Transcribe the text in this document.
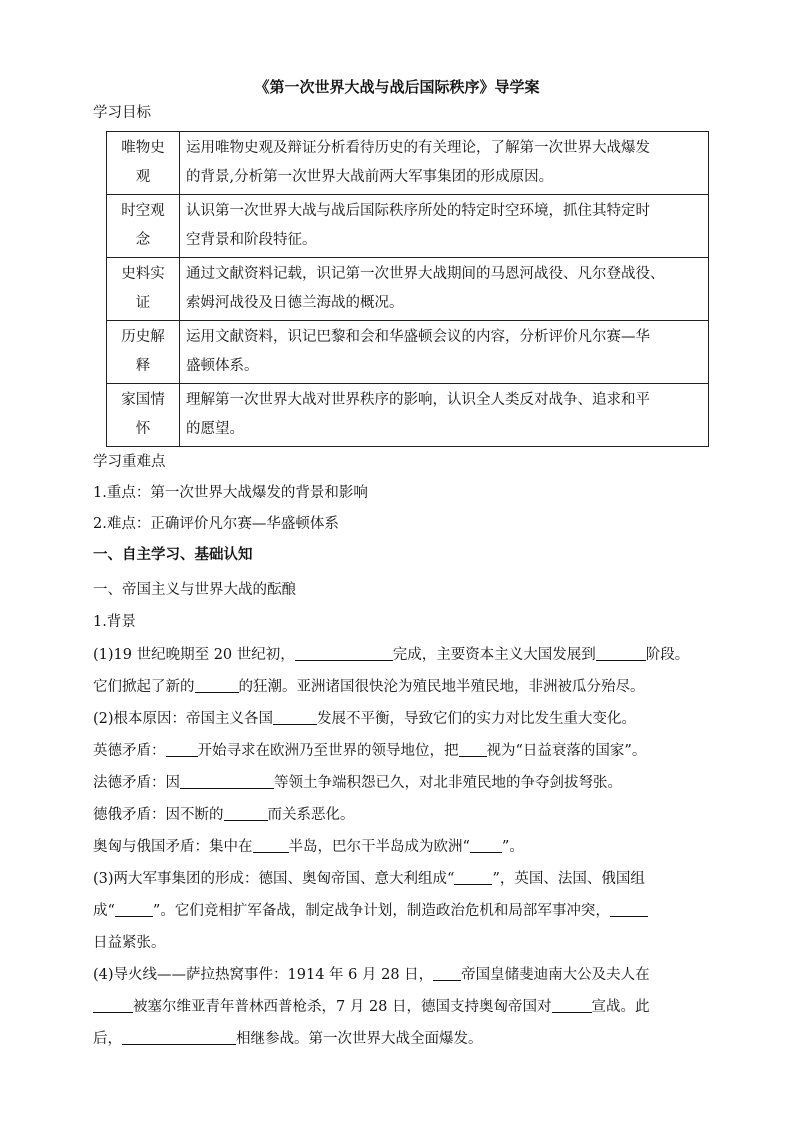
《第一次世界大战与战后国际秩序》导学案
学习目标
唯物史
观	运用唯物史观及辩证分析看待历史的有关理论，了解第一次世界大战爆发
的背景,分析第一次世界大战前两大军事集团的形成原因。
时空观
念	认识第一次世界大战与战后国际秩序所处的特定时空环境，抓住其特定时
空背景和阶段特征。
史料实
证	通过文献资料记载，识记第一次世界大战期间的马恩河战役、凡尔登战役、
索姆河战役及日德兰海战的概况。
历史解
释	运用文献资料，识记巴黎和会和华盛顿会议的内容，分析评价凡尔赛—华
盛顿体系。
家国情
怀	理解第一次世界大战对世界秩序的影响，认识全人类反对战争、追求和平
的愿望。
学习重难点
1.重点：第一次世界大战爆发的背景和影响
2.难点：正确评价凡尔赛—华盛顿体系
一、自主学习、基础认知
一、帝国主义与世界大战的酝酿
1.背景
(1)19 世纪晚期至 20 世纪初，	完成，主要资本主义大国发展到	阶段。
它们掀起了新的	的狂潮。亚洲诸国很快沦为殖民地半殖民地，非洲被瓜分殆尽。
(2)根本原因：帝国主义各国	发展不平衡，导致它们的实力对比发生重大变化。
英德矛盾： 开始寻求在欧洲乃至世界的领导地位，把 视为“日益衰落的国家”。
法德矛盾：因	等领土争端积怨已久，对北非殖民地的争夺剑拔弩张。
德俄矛盾：因不断的	而关系恶化。
奥匈与俄国矛盾：集中在 半岛，巴尔干半岛成为欧洲“ ”。
(3)两大军事集团的形成：德国、奥匈帝国、意大利组成“	”，英国、法国、俄国组
成“	”。它们竞相扩军备战，制定战争计划，制造政治危机和局部军事冲突，
日益紧张。
(4)导火线——萨拉热窝事件：1914 年 6 月 28 日， 帝国皇储斐迪南大公及夫人在
被塞尔维亚青年普林西普枪杀，7 月 28 日，德国支持奥匈帝国对	宣战。此
后，	相继参战。第一次世界大战全面爆发。
